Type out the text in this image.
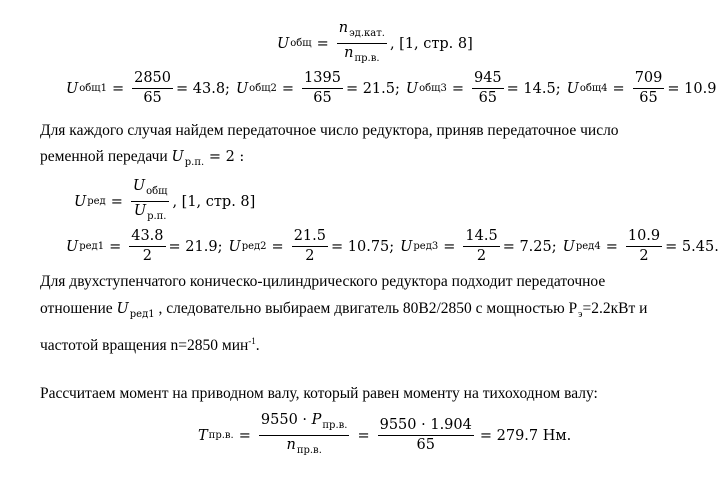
U общ = $\frac{n_{эд.кат.}}{n_{пр.в.}}$ , [1, стр. 8]
U $общ1 = \frac{2850}{65} = 43.8$; U $общ2 = \frac{1395}{65} = 21.5$; U $общ3 = \frac{945}{65} = 14.5$; U $общ4 = \frac{709}{65} = 10.9$
Для каждого случая найдем передаточное число редуктора, приняв передаточное число
ременной передачи $U_{р.п.} = 2$ :
U ред = $\frac{U_{общ}}{U_{р.п.}}$ , [1, стр. 8]
U $ред1 = \frac{43.8}{2} = 21.9$; U $ред2 = \frac{21.5}{2} = 10.75$; U $ред3 = \frac{14.5}{2} = 7.25$; U $ред4 = \frac{10.9}{2} = 5.45$.
Для двухступенчатого коническо-цилиндрического редуктора подходит передаточное
отношение $U_{ред1}$ , следовательно выбираем двигатель 80В2/2850 с мощностью $Р_э=2.2кВт$ и
частотой вращения n=2850 мин$^{-1}$.
Рассчитаем момент на приводном валу, который равен моменту на тихоходном валу:
T пр.в. = $\frac{9550 \cdot P_{пр.в.}}{n_{пр.в.}} = \frac{9550 \cdot 1.904}{65} = 279.7$ Нм.
